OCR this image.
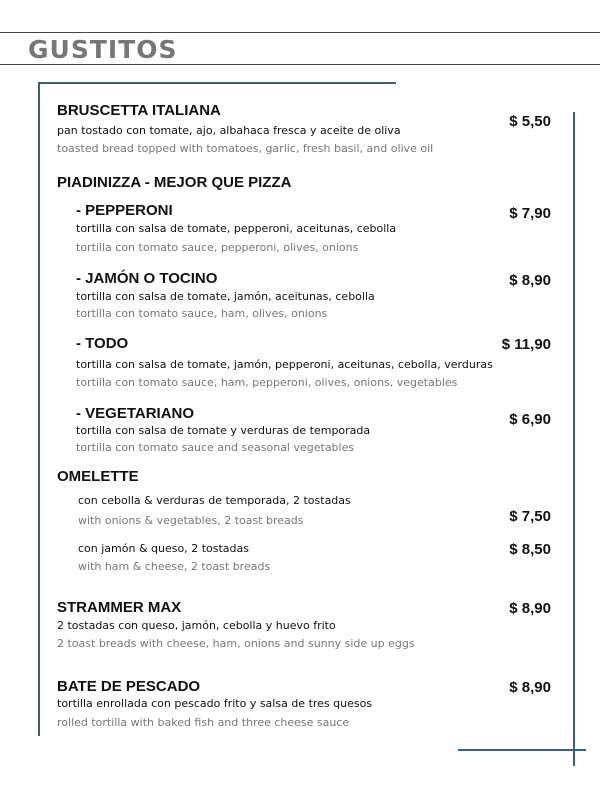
GUSTITOS
BRUSCETTA ITALIANA
pan tostado con tomate, ajo, albahaca fresca y aceite de oliva
toasted bread topped with tomatoes, garlic, fresh basil, and olive oil
$ 5,50
PIADINIZZA - MEJOR QUE PIZZA
- PEPPERONI
tortilla con salsa de tomate, pepperoni, aceitunas, cebolla
tortilla con tomato sauce, pepperoni, olives, onions
$ 7,90
- JAMÓN O TOCINO
tortilla con salsa de tomate, jamón, aceitunas, cebolla
tortilla con tomato sauce, ham, olives, onions
$ 8,90
- TODO
tortilla con salsa de tomate, jamón, pepperoni, aceitunas, cebolla, verduras
tortilla con tomato sauce, ham, pepperoni, olives, onions, vegetables
$ 11,90
- VEGETARIANO
tortilla con salsa de tomate y verduras de temporada
tortilla con tomato sauce and seasonal vegetables
$ 6,90
OMELETTE
con cebolla & verduras de temporada, 2 tostadas
with onions & vegetables, 2 toast breads	$ 7,50
con jamón & queso, 2 tostadas
with ham & cheese, 2 toast breads
$ 8,50
STRAMMER MAX
2 tostadas con queso, jamón, cebolla y huevo frito
2 toast breads with cheese, ham, onions and sunny side up eggs
$ 8,90
BATE DE PESCADO
tortilla enrollada con pescado frito y salsa de tres quesos
rolled tortilla with baked fish and three cheese sauce
$ 8,90
